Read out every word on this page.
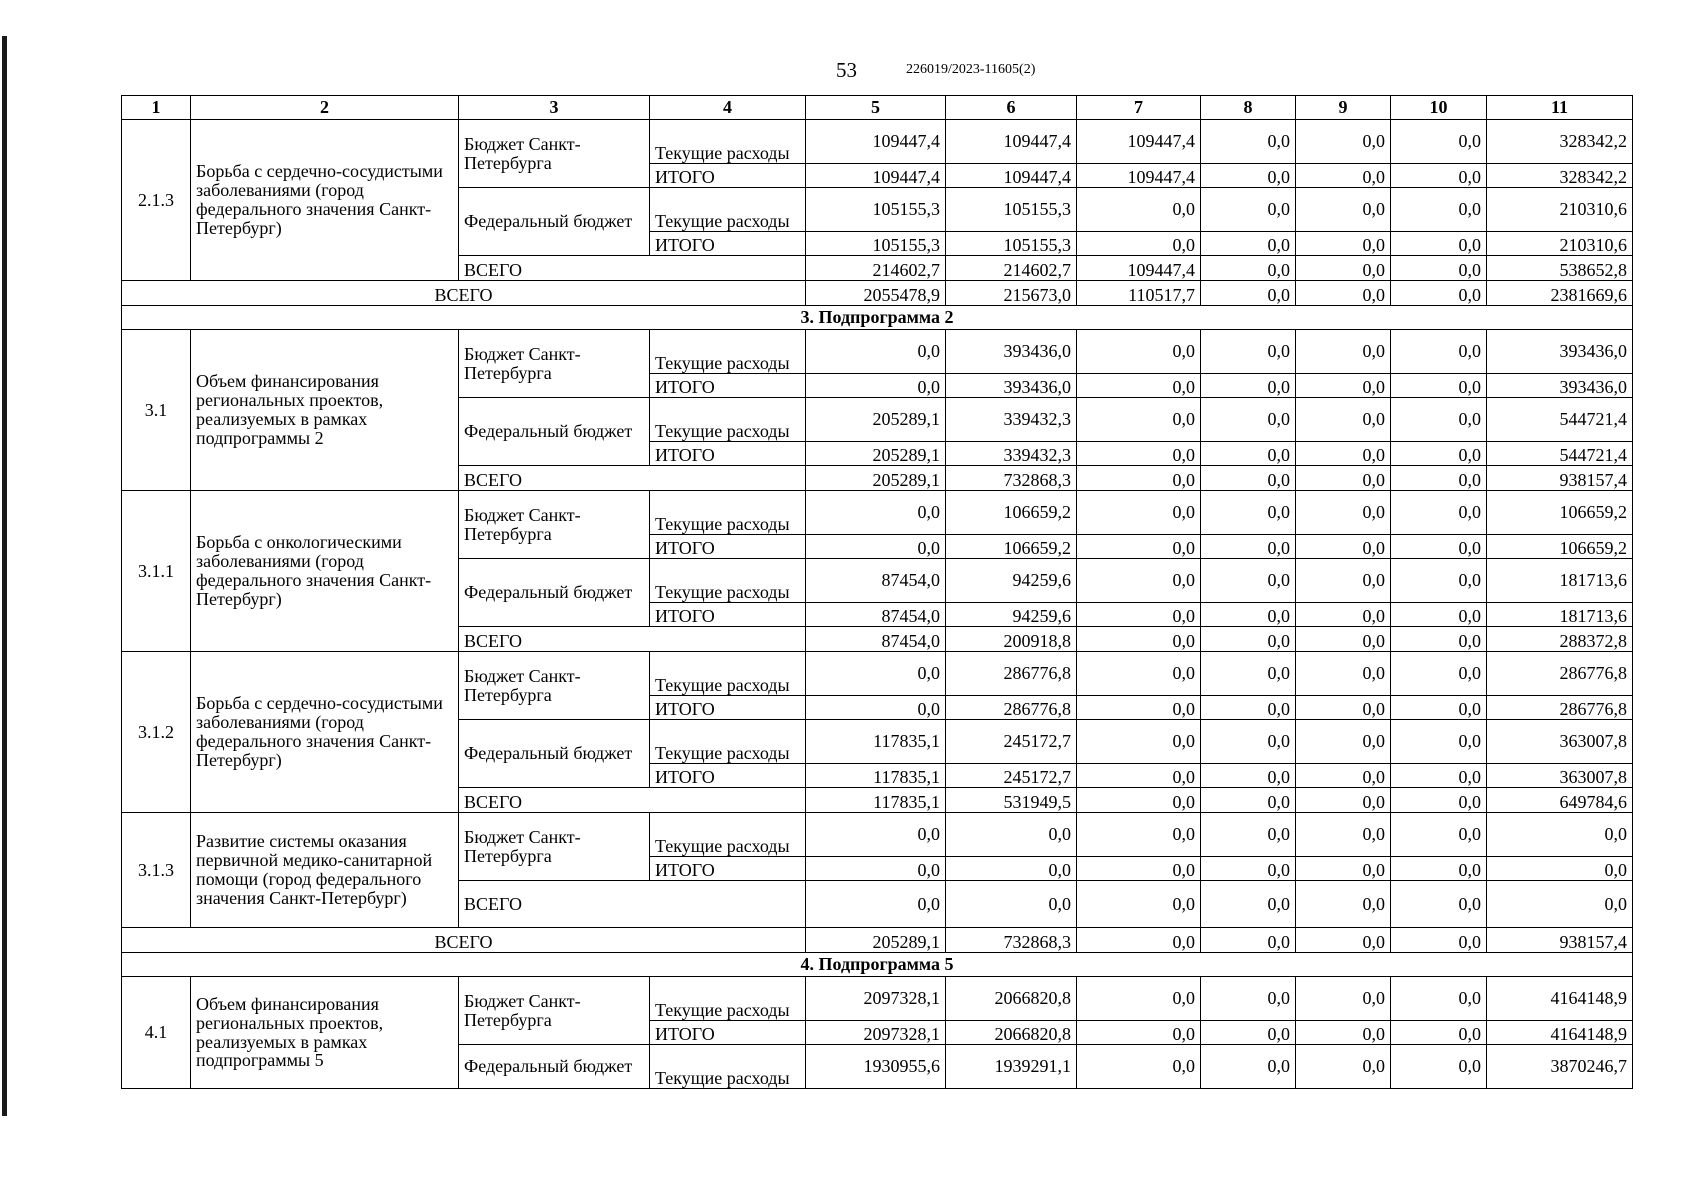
53	226019/2023-11605(2)
1	2	3	4	5	6	7	8	9	10	11
2.1.3	Борьба с сердечно-сосудистыми заболеваниями (город федерального значения Санкт-Петербург)	Бюджет Санкт-Петербурга	Текущие расходы	109447,4	109447,4	109447,4	0,0	0,0	0,0	328342,2
			ИТОГО	109447,4	109447,4	109447,4	0,0	0,0	0,0	328342,2
		Федеральный бюджет	Текущие расходы	105155,3	105155,3	0,0	0,0	0,0	0,0	210310,6
			ИТОГО	105155,3	105155,3	0,0	0,0	0,0	0,0	210310,6
		ВСЕГО		214602,7	214602,7	109447,4	0,0	0,0	0,0	538652,8
ВСЕГО				2055478,9	215673,0	110517,7	0,0	0,0	0,0	2381669,6
3. Подпрограмма 2										
3.1	Объем финансирования региональных проектов, реализуемых в рамках подпрограммы 2	Бюджет Санкт-Петербурга	Текущие расходы	0,0	393436,0	0,0	0,0	0,0	0,0	393436,0
			ИТОГО	0,0	393436,0	0,0	0,0	0,0	0,0	393436,0
		Федеральный бюджет	Текущие расходы	205289,1	339432,3	0,0	0,0	0,0	0,0	544721,4
			ИТОГО	205289,1	339432,3	0,0	0,0	0,0	0,0	544721,4
		ВСЕГО		205289,1	732868,3	0,0	0,0	0,0	0,0	938157,4
3.1.1	Борьба с онкологическими заболеваниями (город федерального значения Санкт-Петербург)	Бюджет Санкт-Петербурга	Текущие расходы	0,0	106659,2	0,0	0,0	0,0	0,0	106659,2
			ИТОГО	0,0	106659,2	0,0	0,0	0,0	0,0	106659,2
		Федеральный бюджет	Текущие расходы	87454,0	94259,6	0,0	0,0	0,0	0,0	181713,6
			ИТОГО	87454,0	94259,6	0,0	0,0	0,0	0,0	181713,6
		ВСЕГО		87454,0	200918,8	0,0	0,0	0,0	0,0	288372,8
3.1.2	Борьба с сердечно-сосудистыми заболеваниями (город федерального значения Санкт-Петербург)	Бюджет Санкт-Петербурга	Текущие расходы	0,0	286776,8	0,0	0,0	0,0	0,0	286776,8
			ИТОГО	0,0	286776,8	0,0	0,0	0,0	0,0	286776,8
		Федеральный бюджет	Текущие расходы	117835,1	245172,7	0,0	0,0	0,0	0,0	363007,8
			ИТОГО	117835,1	245172,7	0,0	0,0	0,0	0,0	363007,8
		ВСЕГО		117835,1	531949,5	0,0	0,0	0,0	0,0	649784,6
3.1.3	Развитие системы оказания первичной медико-санитарной помощи (город федерального значения Санкт-Петербург)	Бюджет Санкт-Петербурга	Текущие расходы	0,0	0,0	0,0	0,0	0,0	0,0	0,0
			ИТОГО	0,0	0,0	0,0	0,0	0,0	0,0	0,0
		ВСЕГО		0,0	0,0	0,0	0,0	0,0	0,0	0,0
ВСЕГО				205289,1	732868,3	0,0	0,0	0,0	0,0	938157,4
4. Подпрограмма 5										
4.1	Объем финансирования региональных проектов, реализуемых в рамках подпрограммы 5	Бюджет Санкт-Петербурга	Текущие расходы	2097328,1	2066820,8	0,0	0,0	0,0	0,0	4164148,9
			ИТОГО	2097328,1	2066820,8	0,0	0,0	0,0	0,0	4164148,9
		Федеральный бюджет	Текущие расходы	1930955,6	1939291,1	0,0	0,0	0,0	0,0	3870246,7
